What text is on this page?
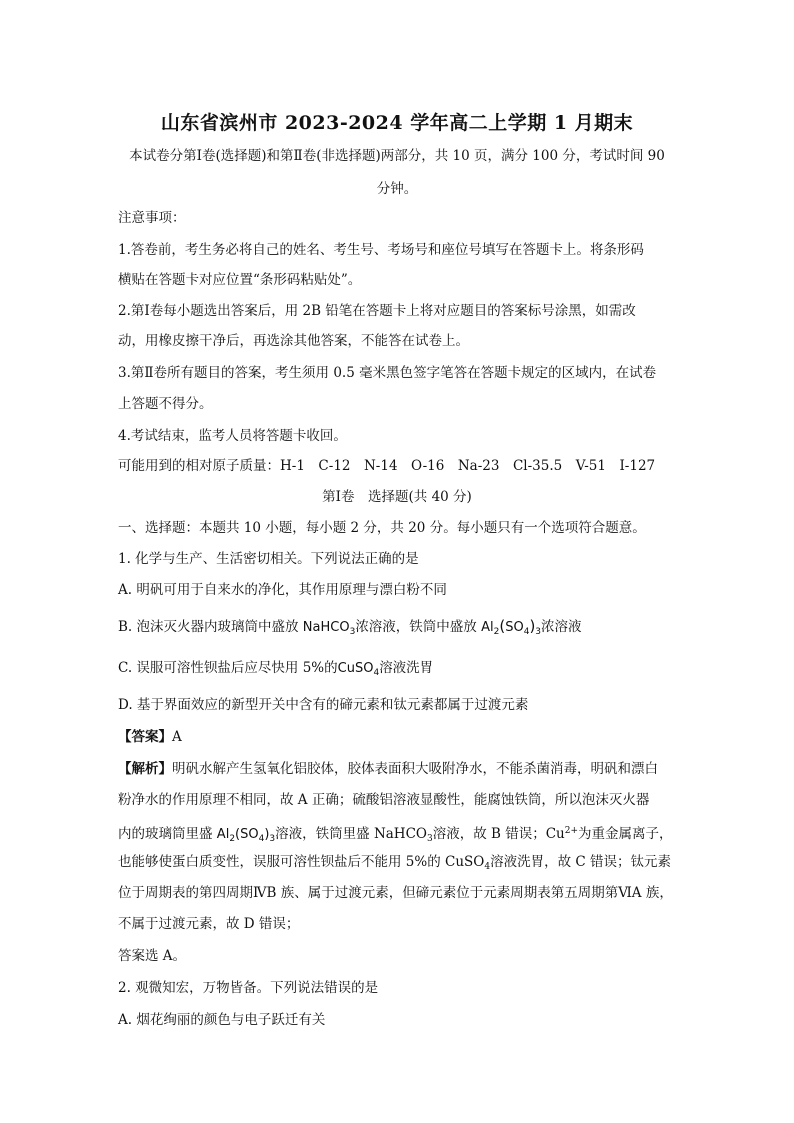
山东省滨州市 2023-2024 学年高二上学期 1 月期末
本试卷分第Ⅰ卷(选择题)和第Ⅱ卷(非选择题)两部分，共 10 页，满分 100 分，考试时间 90
分钟。
注意事项：
1.答卷前，考生务必将自己的姓名、考生号、考场号和座位号填写在答题卡上。将条形码
横贴在答题卡对应位置“条形码粘贴处”。
2.第Ⅰ卷每小题选出答案后，用 2B 铅笔在答题卡上将对应题目的答案标号涂黑，如需改
动，用橡皮擦干净后，再选涂其他答案，不能答在试卷上。
3.第Ⅱ卷所有题目的答案，考生须用 0.5 毫米黑色签字笔答在答题卡规定的区域内，在试卷
上答题不得分。
4.考试结束，监考人员将答题卡收回。
可能用到的相对原子质量：H-1　C-12　N-14　O-16　Na-23　Cl-35.5　V-51　I-127
第Ⅰ卷　选择题(共 40 分)
一、选择题：本题共 10 小题，每小题 2 分，共 20 分。每小题只有一个选项符合题意。
1. 化学与生产、生活密切相关。下列说法正确的是
A. 明矾可用于自来水的净化，其作用原理与漂白粉不同
B. 泡沫灭火器内玻璃筒中盛放 NaHCO$_3$浓溶液，铁筒中盛放 $Al_2(SO_4)_3$浓溶液
C. 误服可溶性钡盐后应尽快用 5%的CuSO$_4$溶液洗胃
D. 基于界面效应的新型开关中含有的碲元素和钛元素都属于过渡元素
【答案】A
【解析】明矾水解产生氢氧化铝胶体，胶体表面积大吸附净水，不能杀菌消毒，明矾和漂白
粉净水的作用原理不相同，故 A 正确；硫酸铝溶液显酸性，能腐蚀铁筒，所以泡沫灭火器
内的玻璃筒里盛 $Al_2(SO_4)_3$溶液，铁筒里盛 NaHCO$_3$溶液，故 B 错误；$Cu^{2+}$为重金属离子，
也能够使蛋白质变性，误服可溶性钡盐后不能用 5%的 CuSO$_4$溶液洗胃，故 C 错误；钛元素
位于周期表的第四周期ⅣB 族、属于过渡元素，但碲元素位于元素周期表第五周期第ⅥA 族，
不属于过渡元素，故 D 错误；
答案选 A。
2. 观微知宏，万物皆备。下列说法错误的是
A. 烟花绚丽的颜色与电子跃迁有关
